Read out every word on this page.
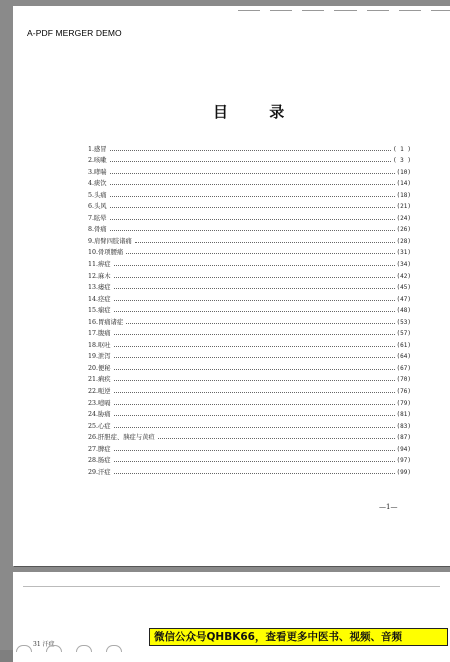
A-PDF MERGER DEMO
目 录
1.感冒	( 1 )
2.咳嗽	( 3 )
3.哮喘	(10)
4.痰饮	(14)
5.头痛	(18)
6.头风	(21)
7.眩晕	(24)
8.骨痛	(26)
9.肩臂四肢诸痛	(28)
10.骨项腰痛	(31)
11.痹症	(34)
12.麻木	(42)
13.痿症	(45)
14.痉症	(47)
15.痫症	(48)
16.胃痛诸症	(53)
17.腹痛	(57)
18.呕吐	(61)
19.泄泻	(64)
20.便秘	(67)
21.痢疾	(70)
22.呃逆	(76)
23.噎嗝	(79)
24.胁痛	(81)
25.心症	(83)
26.肝胆症、胰症与黄疸	(87)
27.脾症	(94)
28.肠症	(97)
29.汗症	(99)
—1—
31 汗症
微信公众号QHBK66，查看更多中医书、视频、音频
